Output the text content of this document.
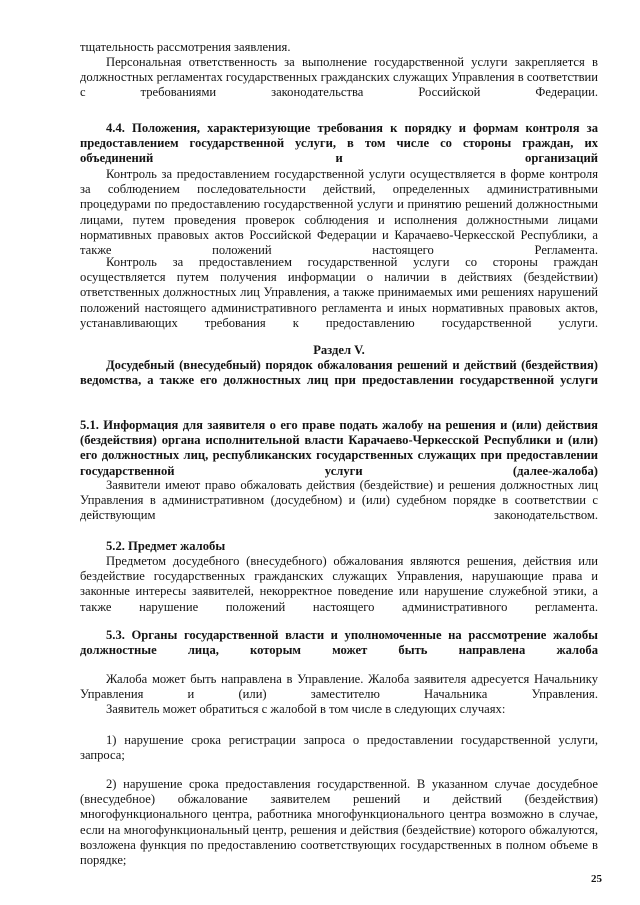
тщательность рассмотрения заявления.

Персональная ответственность за выполнение государственной услуги закрепляется в должностных регламентах государственных гражданских служащих Управления в соответствии с требованиями законодательства Российской Федерации.

4.4. Положения, характеризующие требования к порядку и формам контроля за предоставлением государственной услуги, в том числе со стороны граждан, их объединений и организаций

Контроль за предоставлением государственной услуги осуществляется в форме контроля за соблюдением последовательности действий, определенных административными процедурами по предоставлению государственной услуги и принятию решений должностными лицами, путем проведения проверок соблюдения и исполнения должностными лицами нормативных правовых актов Российской Федерации и Карачаево-Черкесской Республики, а также положений настоящего Регламента.

Контроль за предоставлением государственной услуги со стороны граждан осуществляется путем получения информации о наличии в действиях (бездействии) ответственных должностных лиц Управления, а также принимаемых ими решениях нарушений положений настоящего административного регламента и иных нормативных правовых актов, устанавливающих требования к предоставлению государственной услуги.

Раздел V.

Досудебный (внесудебный) порядок обжалования решений и действий (бездействия) ведомства, а также его должностных лиц при предоставлении государственной услуги

5.1. Информация для заявителя о его праве подать жалобу на решения и (или) действия (бездействия) органа исполнительной власти Карачаево-Черкесской Республики и (или) его должностных лиц, республиканских государственных служащих при предоставлении государственной услуги (далее-жалоба)

Заявители имеют право обжаловать действия (бездействие) и решения должностных лиц Управления в административном (досудебном) и (или) судебном порядке в соответствии с действующим законодательством.

5.2. Предмет жалобы

Предметом досудебного (внесудебного) обжалования являются решения, действия или бездействие государственных гражданских служащих Управления, нарушающие права и законные интересы заявителей, некорректное поведение или нарушение служебной этики, а также нарушение положений настоящего административного регламента.

5.3. Органы государственной власти и уполномоченные на рассмотрение жалобы должностные лица, которым может быть направлена жалоба

Жалоба может быть направлена в Управление. Жалоба заявителя адресуется Начальнику Управления и (или) заместителю Начальника Управления.

Заявитель может обратиться с жалобой в том числе в следующих случаях:

1) нарушение срока регистрации запроса о предоставлении государственной услуги, запроса;

2) нарушение срока предоставления государственной. В указанном случае досудебное (внесудебное) обжалование заявителем решений и действий (бездействия) многофункционального центра, работника многофункционального центра возможно в случае, если на многофункциональный центр, решения и действия (бездействие) которого обжалуются, возложена функция по предоставлению соответствующих государственных в полном объеме в порядке;

25
